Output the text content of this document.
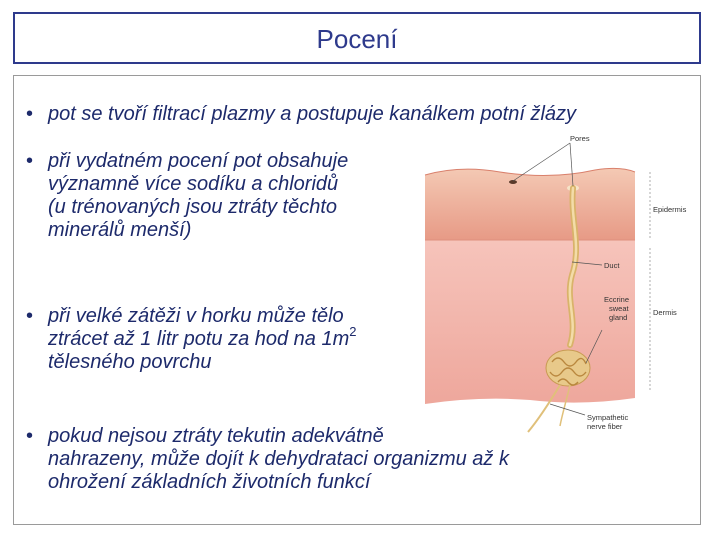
Pocení
• pot se tvoří filtrací plazmy a postupuje kanálkem potní žlázy
• při vydatném pocení pot obsahuje
významně více sodíku a chloridů
(u trénovaných jsou ztráty těchto
minerálů menší)
• při velké zátěži v horku může tělo
ztrácet až 1 litr potu za hod na $1m^2$
tělesného povrchu
Pores
Epidermis
Duct
Eccrine
sweat
gland
Dermis
Sympathetic
nerve fiber
• pokud nejsou ztráty tekutin adekvátně
nahrazeny, může dojít k dehydrataci organizmu až k
ohrožení základních životních funkcí
